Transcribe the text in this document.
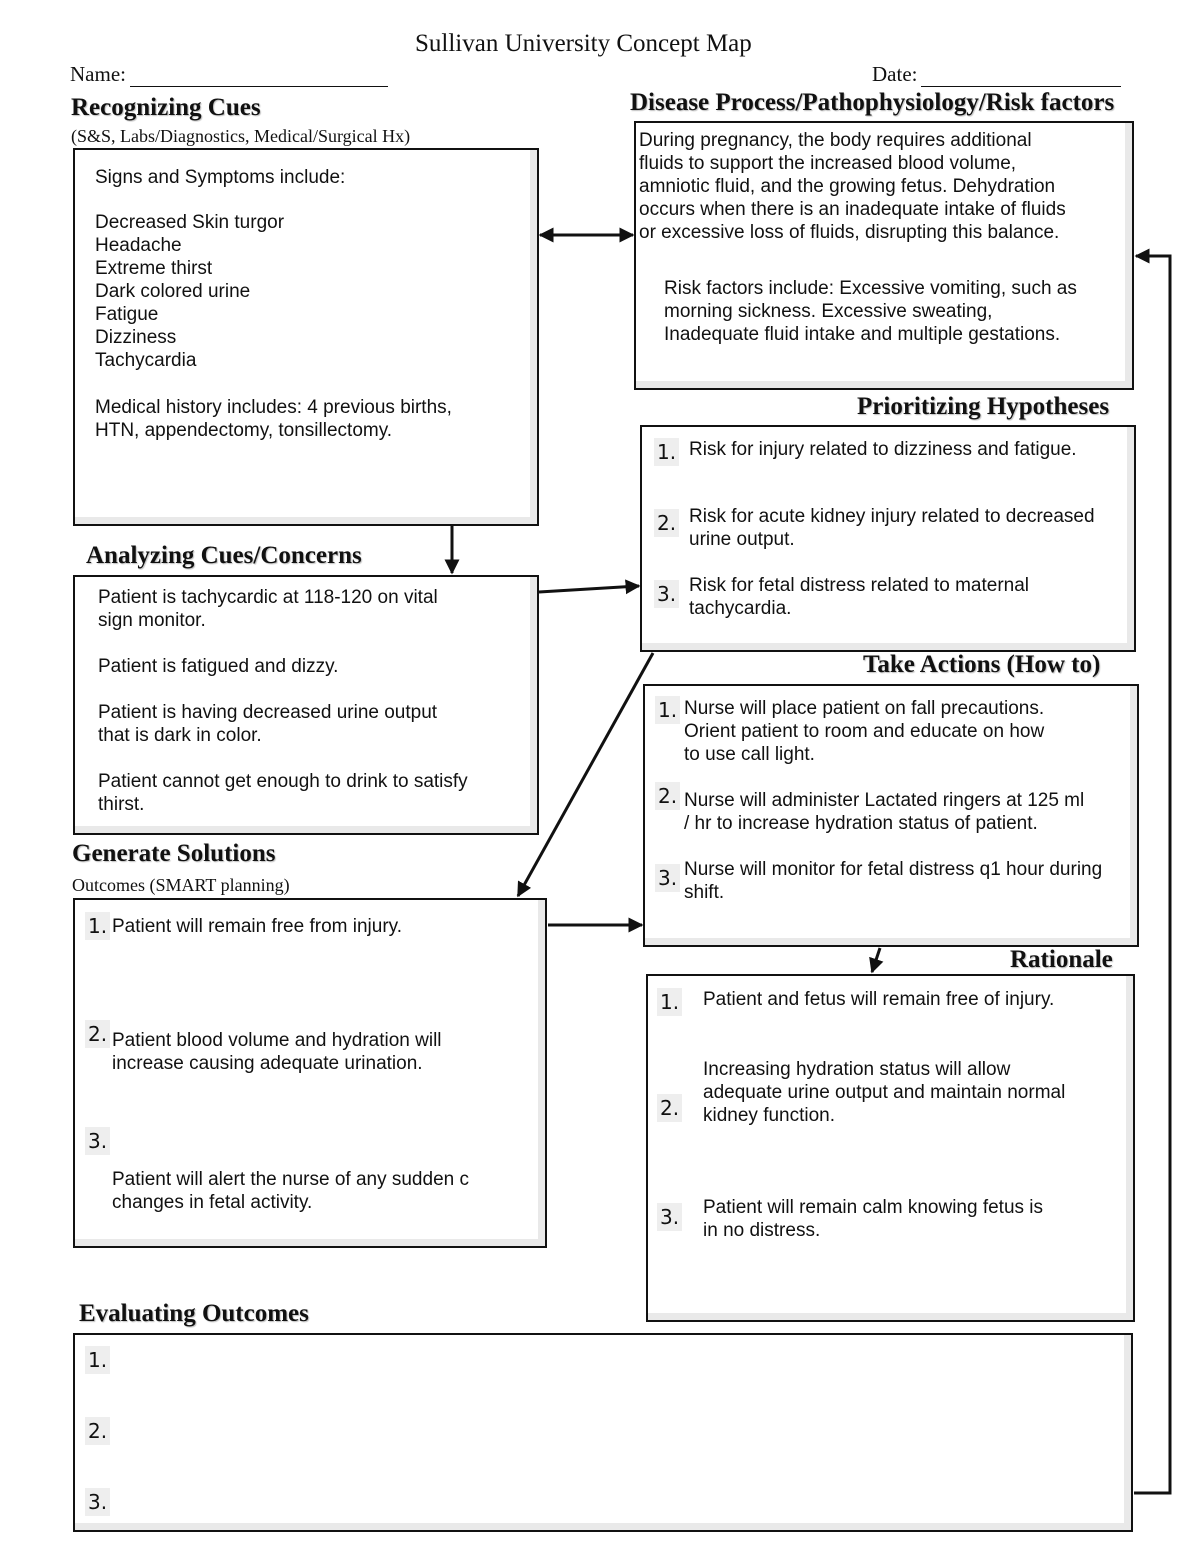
Sullivan University Concept Map
Name:	Date:
Recognizing Cues
(S&S, Labs/Diagnostics, Medical/Surgical Hx)
Signs and Symptoms include:
Decreased Skin turgor
Headache
Extreme thirst
Dark colored urine
Fatigue
Dizziness
Tachycardia
Medical history includes: 4 previous births,
HTN, appendectomy, tonsillectomy.
Disease Process/Pathophysiology/Risk factors
During pregnancy, the body requires additional
fluids to support the increased blood volume,
amniotic fluid, and the growing fetus. Dehydration
occurs when there is an inadequate intake of fluids
or excessive loss of fluids, disrupting this balance.
Risk factors include: Excessive vomiting, such as
morning sickness. Excessive sweating,
Inadequate fluid intake and multiple gestations.
Prioritizing Hypotheses
1. Risk for injury related to dizziness and fatigue.
2. Risk for acute kidney injury related to decreased
urine output.
3. Risk for fetal distress related to maternal
tachycardia.
Analyzing Cues/Concerns
Patient is tachycardic at 118-120 on vital
sign monitor.
Patient is fatigued and dizzy.
Patient is having decreased urine output
that is dark in color.
Patient cannot get enough to drink to satisfy
thirst.
Take Actions (How to)
1. Nurse will place patient on fall precautions.
Orient patient to room and educate on how
to use call light.
2. Nurse will administer Lactated ringers at 125 ml
/ hr to increase hydration status of patient.
3. Nurse will monitor for fetal distress q1 hour during
shift.
Generate Solutions
Outcomes (SMART planning)
1. Patient will remain free from injury.
2. Patient blood volume and hydration will
increase causing adequate urination.
3.
Patient will alert the nurse of any sudden c
changes in fetal activity.
Rationale
1. Patient and fetus will remain free of injury.
2.
Increasing hydration status will allow
adequate urine output and maintain normal
kidney function.
3. Patient will remain calm knowing fetus is
in no distress.
Evaluating Outcomes
1.
2.
3.
